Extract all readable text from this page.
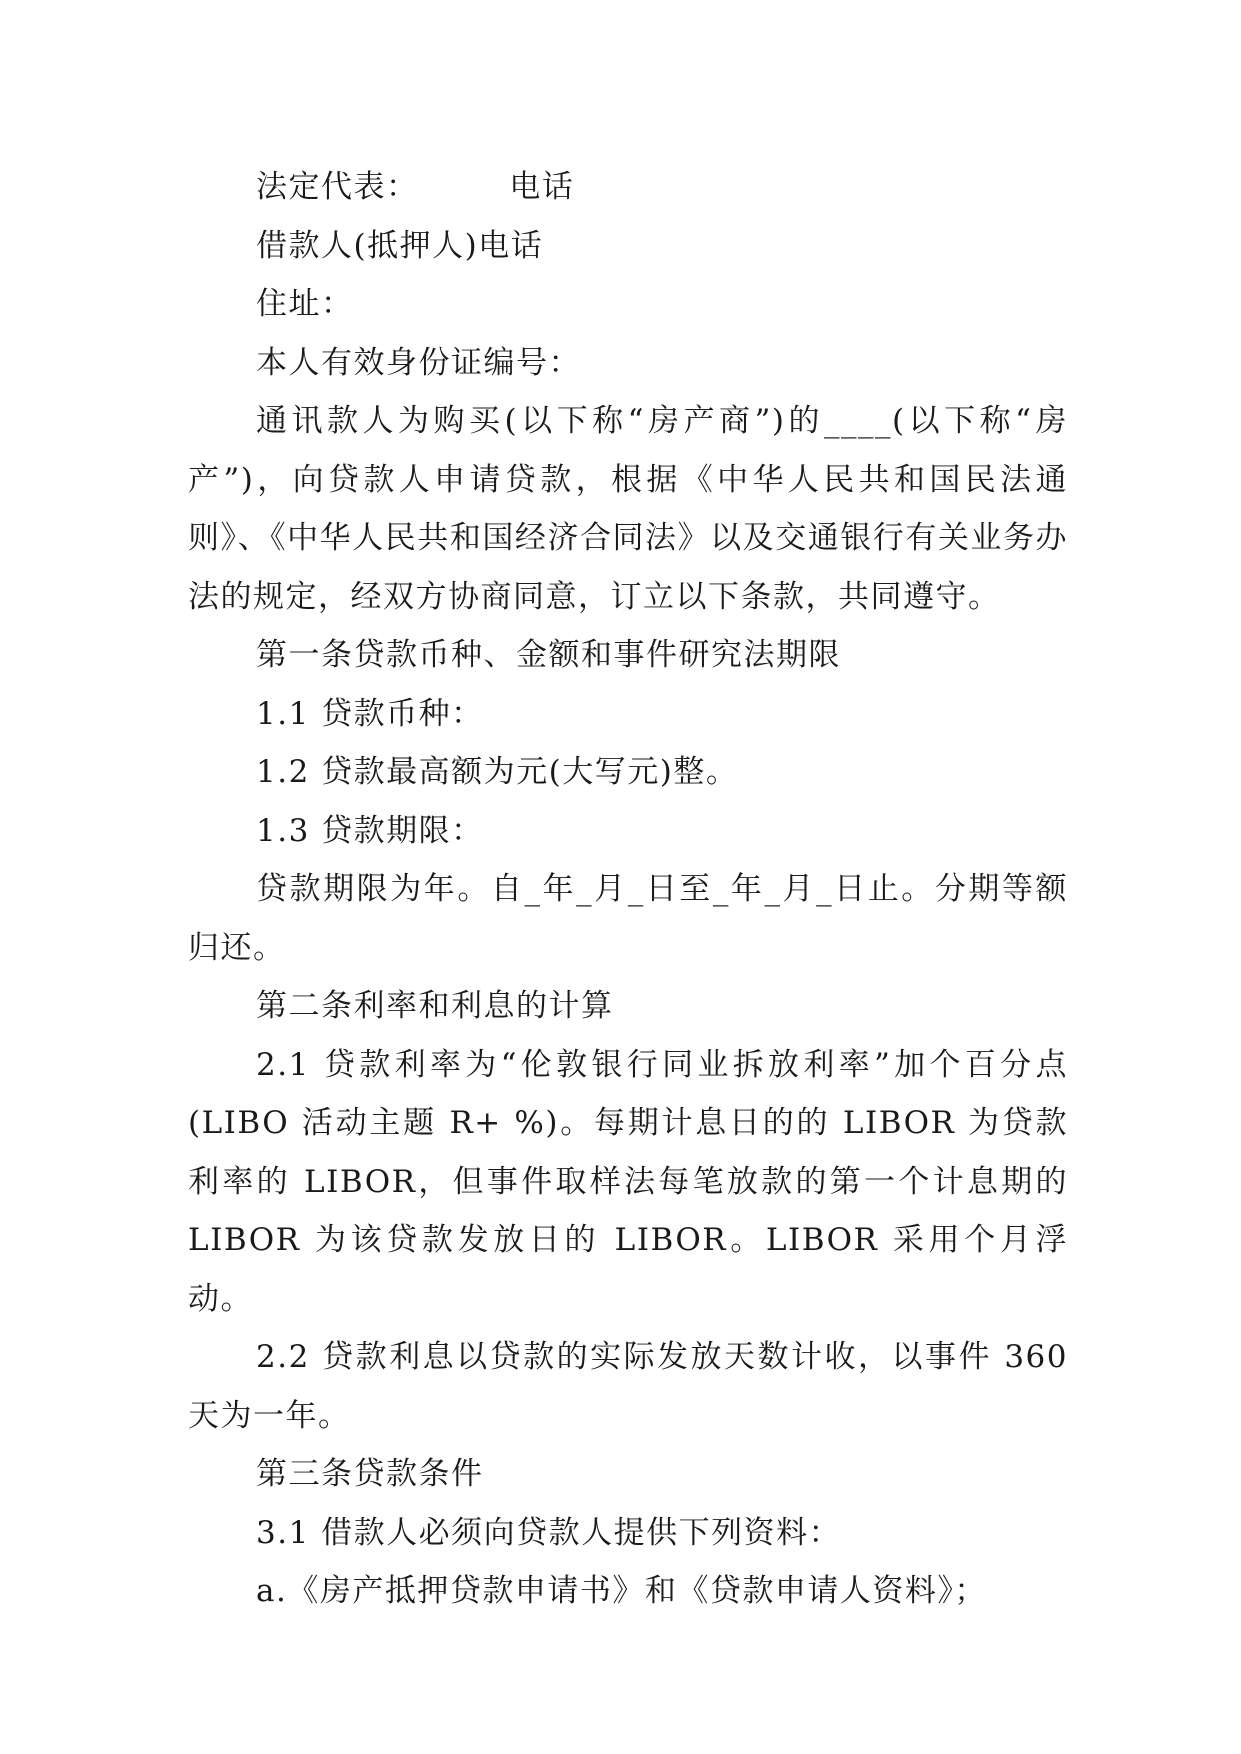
法定代表：        电话

借款人(抵押人)电话

住址：

本人有效身份证编号：

通讯款人为购买(以下称“房产商”)的____(以下称“房产”)，向贷款人申请贷款，根据《中华人民共和国民法通则》、《中华人民共和国经济合同法》以及交通银行有关业务办法的规定，经双方协商同意，订立以下条款，共同遵守。

第一条贷款币种、金额和事件研究法期限

1.1 贷款币种：

1.2 贷款最高额为元(大写元)整。

1.3 贷款期限：

贷款期限为年。自_年_月_日至_年_月_日止。分期等额归还。

第二条利率和利息的计算

2.1 贷款利率为“伦敦银行同业拆放利率”加个百分点(LIBO 活动主题 R+ %)。每期计息日的的 LIBOR 为贷款利率的 LIBOR，但事件取样法每笔放款的第一个计息期的 LIBOR 为该贷款发放日的 LIBOR。LIBOR 采用个月浮动。

2.2 贷款利息以贷款的实际发放天数计收，以事件 360 天为一年。

第三条贷款条件

3.1 借款人必须向贷款人提供下列资料：

a.《房产抵押贷款申请书》和《贷款申请人资料》；
